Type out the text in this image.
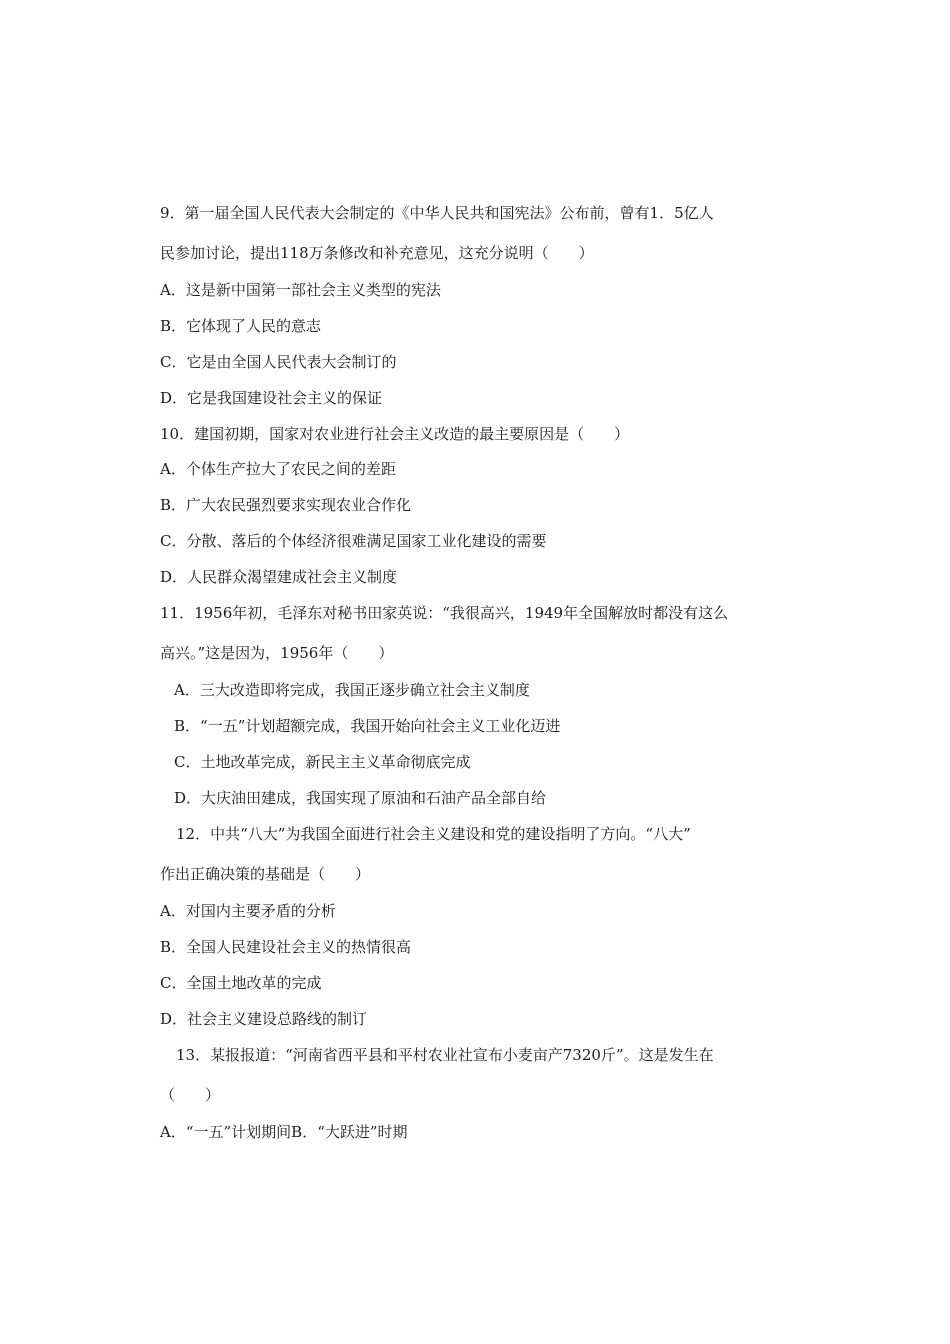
9．第一届全国人民代表大会制定的《中华人民共和国宪法》公布前，曾有1．5亿人
民参加讨论，提出118万条修改和补充意见，这充分说明（　　）
A．这是新中国第一部社会主义类型的宪法
B．它体现了人民的意志
C．它是由全国人民代表大会制订的
D．它是我国建设社会主义的保证
10．建国初期，国家对农业进行社会主义改造的最主要原因是（　　）
A．个体生产拉大了农民之间的差距
B．广大农民强烈要求实现农业合作化
C．分散、落后的个体经济很难满足国家工业化建设的需要
D．人民群众渴望建成社会主义制度
11．1956年初，毛泽东对秘书田家英说：“我很高兴，1949年全国解放时都没有这么
高兴。”这是因为，1956年（　　）
A．三大改造即将完成，我国正逐步确立社会主义制度
B．“一五”计划超额完成，我国开始向社会主义工业化迈进
C．土地改革完成，新民主主义革命彻底完成
D．大庆油田建成，我国实现了原油和石油产品全部自给
12．中共“八大”为我国全面进行社会主义建设和党的建设指明了方向。“八大”
作出正确决策的基础是（　　）
A．对国内主要矛盾的分析
B．全国人民建设社会主义的热情很高
C．全国土地改革的完成
D．社会主义建设总路线的制订
13．某报报道：“河南省西平县和平村农业社宣布小麦亩产7320斤”。这是发生在
（　　）
A．“一五”计划期间B．“大跃进”时期
